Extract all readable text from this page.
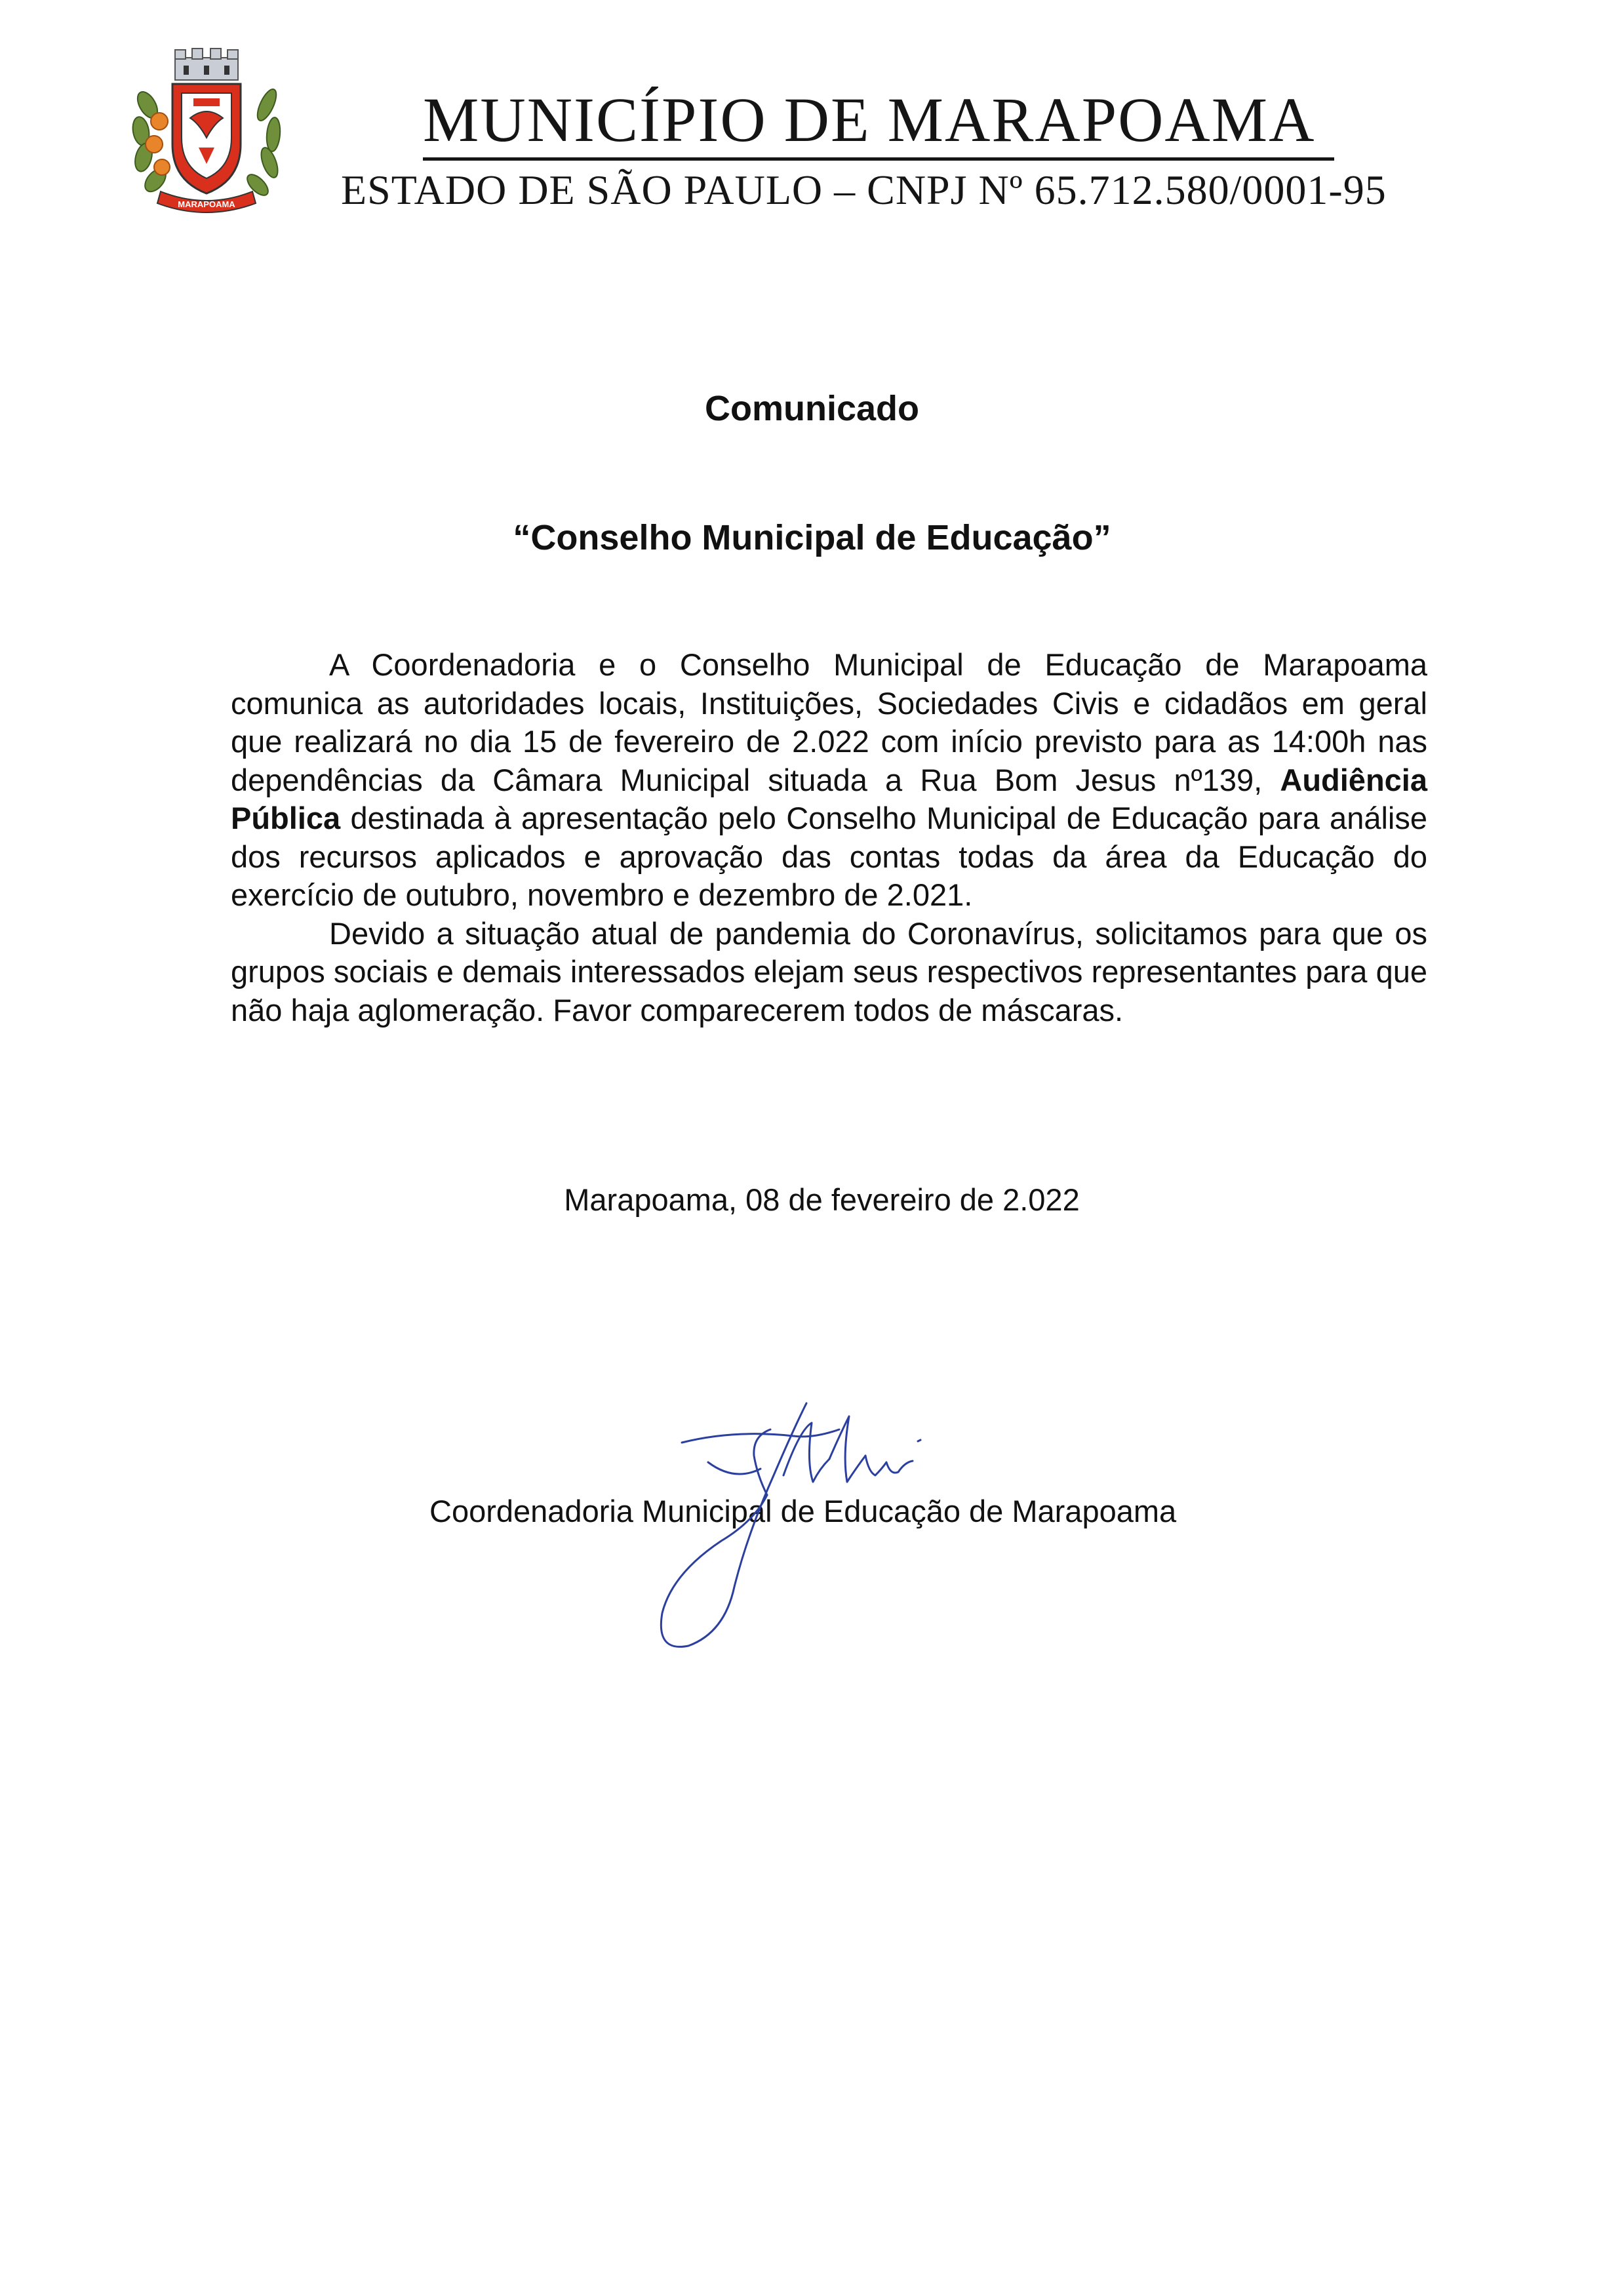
MARAPOAMA
MUNICÍPIO DE MARAPOAMA
ESTADO DE SÃO PAULO – CNPJ Nº 65.712.580/0001-95
Comunicado
“Conselho Municipal de Educação”

A Coordenadoria e o Conselho Municipal de Educação de Marapoama comunica as autoridades locais, Instituições, Sociedades Civis e cidadãos em geral que realizará no dia 15 de fevereiro de 2.022 com início previsto para as 14:00h nas dependências da Câmara Municipal situada a Rua Bom Jesus nº139, Audiência Pública destinada à apresentação pelo Conselho Municipal de Educação para análise dos recursos aplicados e aprovação das contas todas da área da Educação do exercício de outubro, novembro e dezembro de 2.021.

Devido a situação atual de pandemia do Coronavírus, solicitamos para que os grupos sociais e demais interessados elejam seus respectivos representantes para que não haja aglomeração. Favor comparecerem todos de máscaras.

Marapoama, 08 de fevereiro de 2.022
Coordenadoria Municipal de Educação de Marapoama
